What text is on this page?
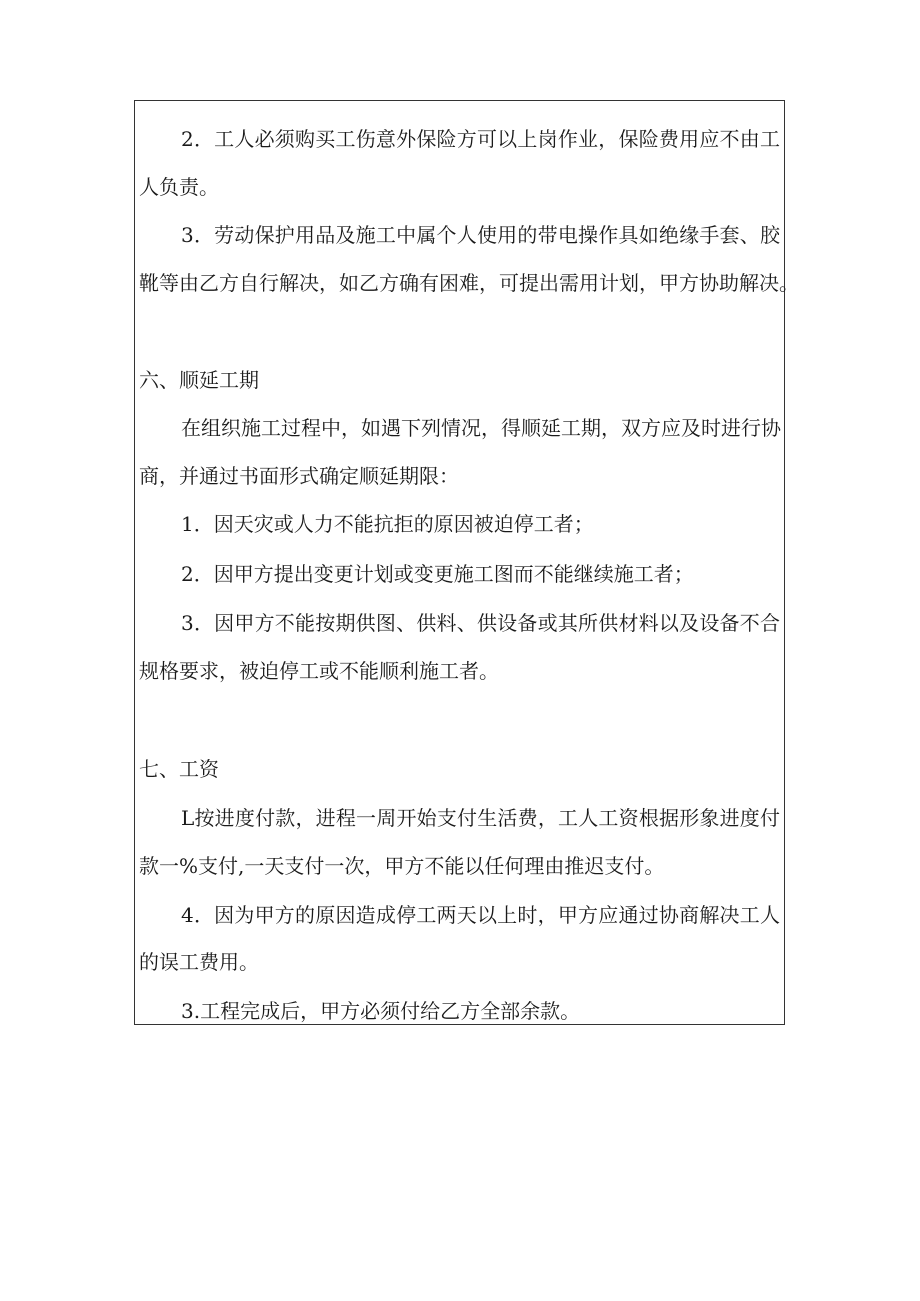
2．工人必须购买工伤意外保险方可以上岗作业，保险费用应不由工
人负责。
3．劳动保护用品及施工中属个人使用的带电操作具如绝缘手套、胶
靴等由乙方自行解决，如乙方确有困难，可提出需用计划，甲方协助解决。
六、顺延工期
在组织施工过程中，如遇下列情况，得顺延工期，双方应及时进行协
商，并通过书面形式确定顺延期限：
1．因天灾或人力不能抗拒的原因被迫停工者；
2．因甲方提出变更计划或变更施工图而不能继续施工者；
3．因甲方不能按期供图、供料、供设备或其所供材料以及设备不合
规格要求，被迫停工或不能顺利施工者。
七、工资
L按进度付款，进程一周开始支付生活费，工人工资根据形象进度付
款一%支付,一天支付一次，甲方不能以任何理由推迟支付。
4．因为甲方的原因造成停工两天以上时，甲方应通过协商解决工人
的误工费用。
3.工程完成后，甲方必须付给乙方全部余款。
